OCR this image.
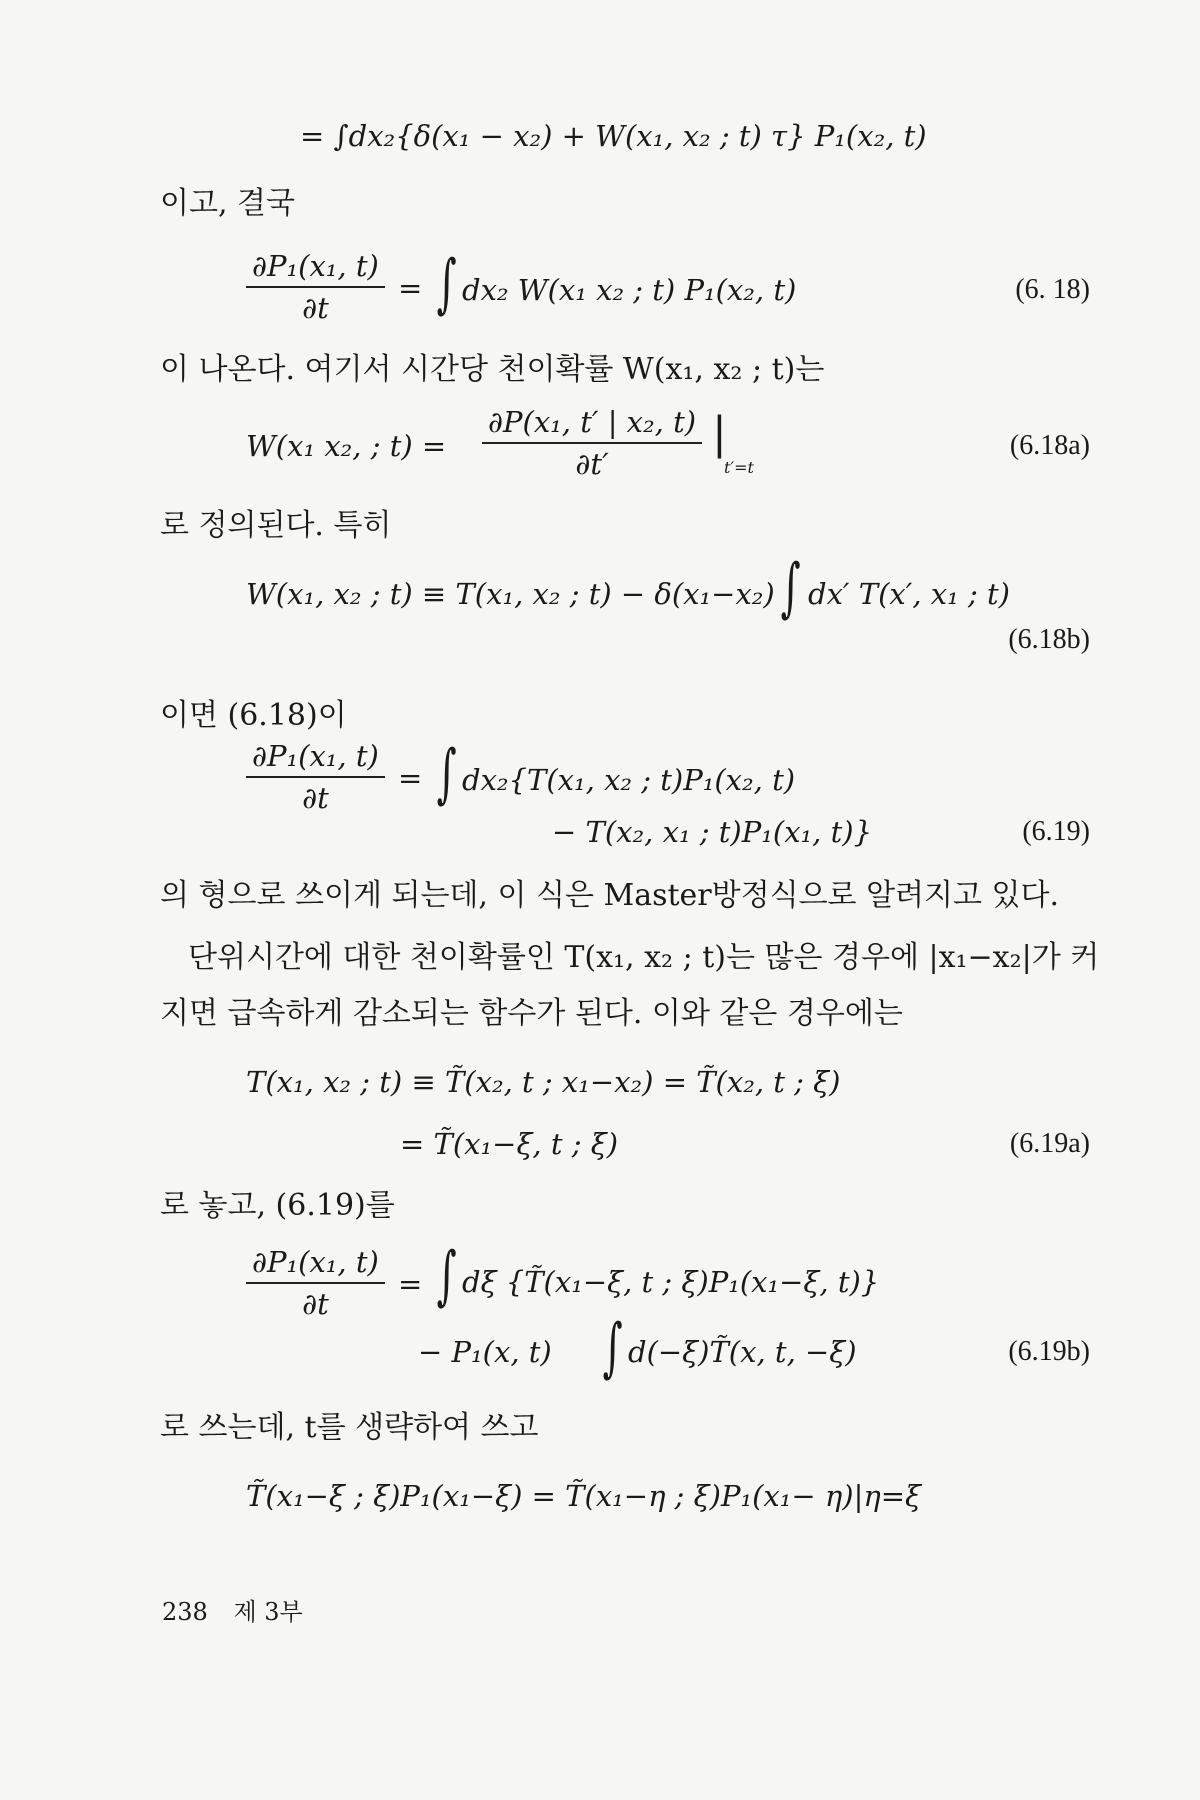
= ∫dx₂{δ(x₁ − x₂) + W(x₁, x₂ ; t) τ} P₁(x₂, t)
이고, 결국
∂P₁(x₁, t)
∂t
= ∫ dx₂ W(x₁ x₂ ; t) P₁(x₂, t)	(6. 18)
이 나온다. 여기서 시간당 천이확률 W(x₁, x₂ ; t)는
W(x₁ x₂, ; t) =
∂P(x₁, t′ | x₂, t)
∂t′
|
t′=t
(6.18a)
로 정의된다. 특히
W(x₁, x₂ ; t) ≡ T(x₁, x₂ ; t) − δ(x₁−x₂) ∫ dx′ T(x′, x₁ ; t)
(6.18b)
이면 (6.18)이
∂P₁(x₁, t)
∂t
= ∫ dx₂{T(x₁, x₂ ; t)P₁(x₂, t)
− T(x₂, x₁ ; t)P₁(x₁, t)}	(6.19)
의 형으로 쓰이게 되는데, 이 식은 Master방정식으로 알려지고 있다.
단위시간에 대한 천이확률인 T(x₁, x₂ ; t)는 많은 경우에 |x₁−x₂|가 커
지면 급속하게 감소되는 함수가 된다. 이와 같은 경우에는
T(x₁, x₂ ; t) ≡ T̃(x₂, t ; x₁−x₂) = T̃(x₂, t ; ξ)
= T̃(x₁−ξ, t ; ξ)	(6.19a)
로 놓고, (6.19)를
∂P₁(x₁, t)
∂t
= ∫ dξ {T̃(x₁−ξ, t ; ξ)P₁(x₁−ξ, t)}
− P₁(x, t) ∫ d(−ξ)T̃(x, t, −ξ)	(6.19b)
로 쓰는데, t를 생략하여 쓰고
T̃(x₁−ξ ; ξ)P₁(x₁−ξ) = T̃(x₁−η ; ξ)P₁(x₁− η)|η=ξ
238 제 3부
